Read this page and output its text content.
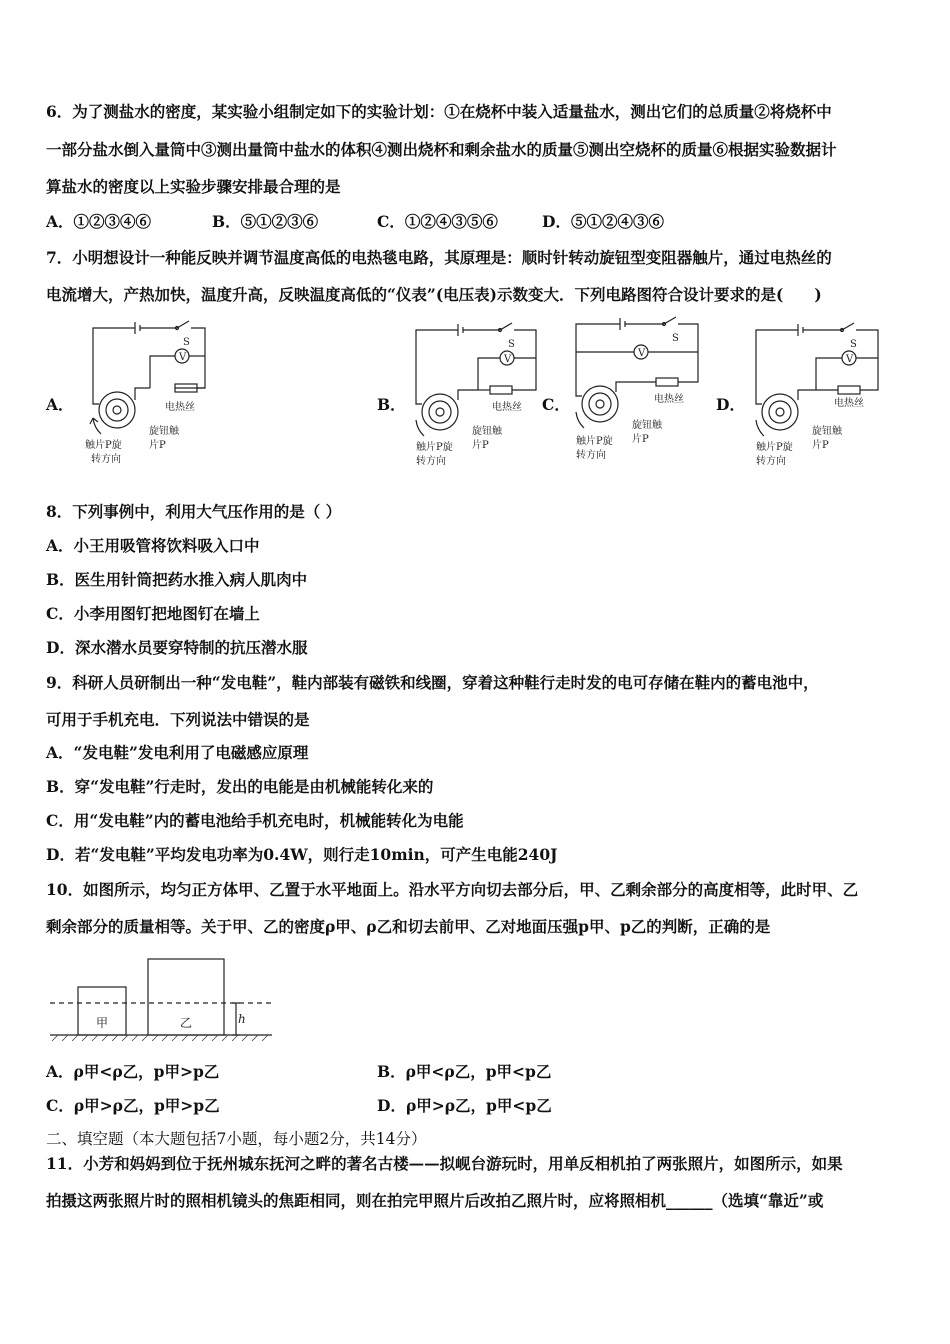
6．为了测盐水的密度，某实验小组制定如下的实验计划：①在烧杯中装入适量盐水，测出它们的总质量②将烧杯中
一部分盐水倒入量筒中③测出量筒中盐水的体积④测出烧杯和剩余盐水的质量⑤测出空烧杯的质量⑥根据实验数据计
算盐水的密度以上实验步骤安排最合理的是
A．①②③④⑥	B．⑤①②③⑥	C．①②④③⑤⑥	D．⑤①②④③⑥
7．小明想设计一种能反映并调节温度高低的电热毯电路，其原理是：顺时针转动旋钮型变阻器触片，通过电热丝的
电流增大，产热加快，温度升高，反映温度高低的“仪表”(电压表)示数变大．下列电路图符合设计要求的是(　　)
A．	B．	C．	D．
V
S
电热丝
旋钮触
片P
触片P旋
转方向
V
S
电热丝
旋钮触
片P
触片P旋
转方向
V
S
电热丝
旋钮触
片P
触片P旋
转方向
V
S
电热丝
旋钮触
片P
触片P旋
转方向
8．下列事例中，利用大气压作用的是（ ）
A．小王用吸管将饮料吸入口中
B．医生用针筒把药水推入病人肌肉中
C．小李用图钉把地图钉在墙上
D．深水潜水员要穿特制的抗压潜水服
9．科研人员研制出一种“发电鞋”，鞋内部装有磁铁和线圈，穿着这种鞋行走时发的电可存储在鞋内的蓄电池中，
可用于手机充电．下列说法中错误的是
A．“发电鞋”发电利用了电磁感应原理
B．穿“发电鞋”行走时，发出的电能是由机械能转化来的
C．用“发电鞋”内的蓄电池给手机充电时，机械能转化为电能
D．若“发电鞋”平均发电功率为0.4W，则行走10min，可产生电能240J
10．如图所示，均匀正方体甲、乙置于水平地面上。沿水平方向切去部分后，甲、乙剩余部分的高度相等，此时甲、乙
剩余部分的质量相等。关于甲、乙的密度ρ甲、ρ乙和切去前甲、乙对地面压强p甲、p乙的判断，正确的是
甲	乙	h
A．ρ甲<ρ乙，p甲>p乙	B．ρ甲<ρ乙，p甲<p乙
C．ρ甲>ρ乙，p甲>p乙	D．ρ甲>ρ乙，p甲<p乙
二、填空题（本大题包括7小题，每小题2分，共14分）
11．小芳和妈妈到位于抚州城东抚河之畔的著名古楼——拟岘台游玩时，用单反相机拍了两张照片，如图所示，如果
拍摄这两张照片时的照相机镜头的焦距相同，则在拍完甲照片后改拍乙照片时，应将照相机______（选填“靠近”或
